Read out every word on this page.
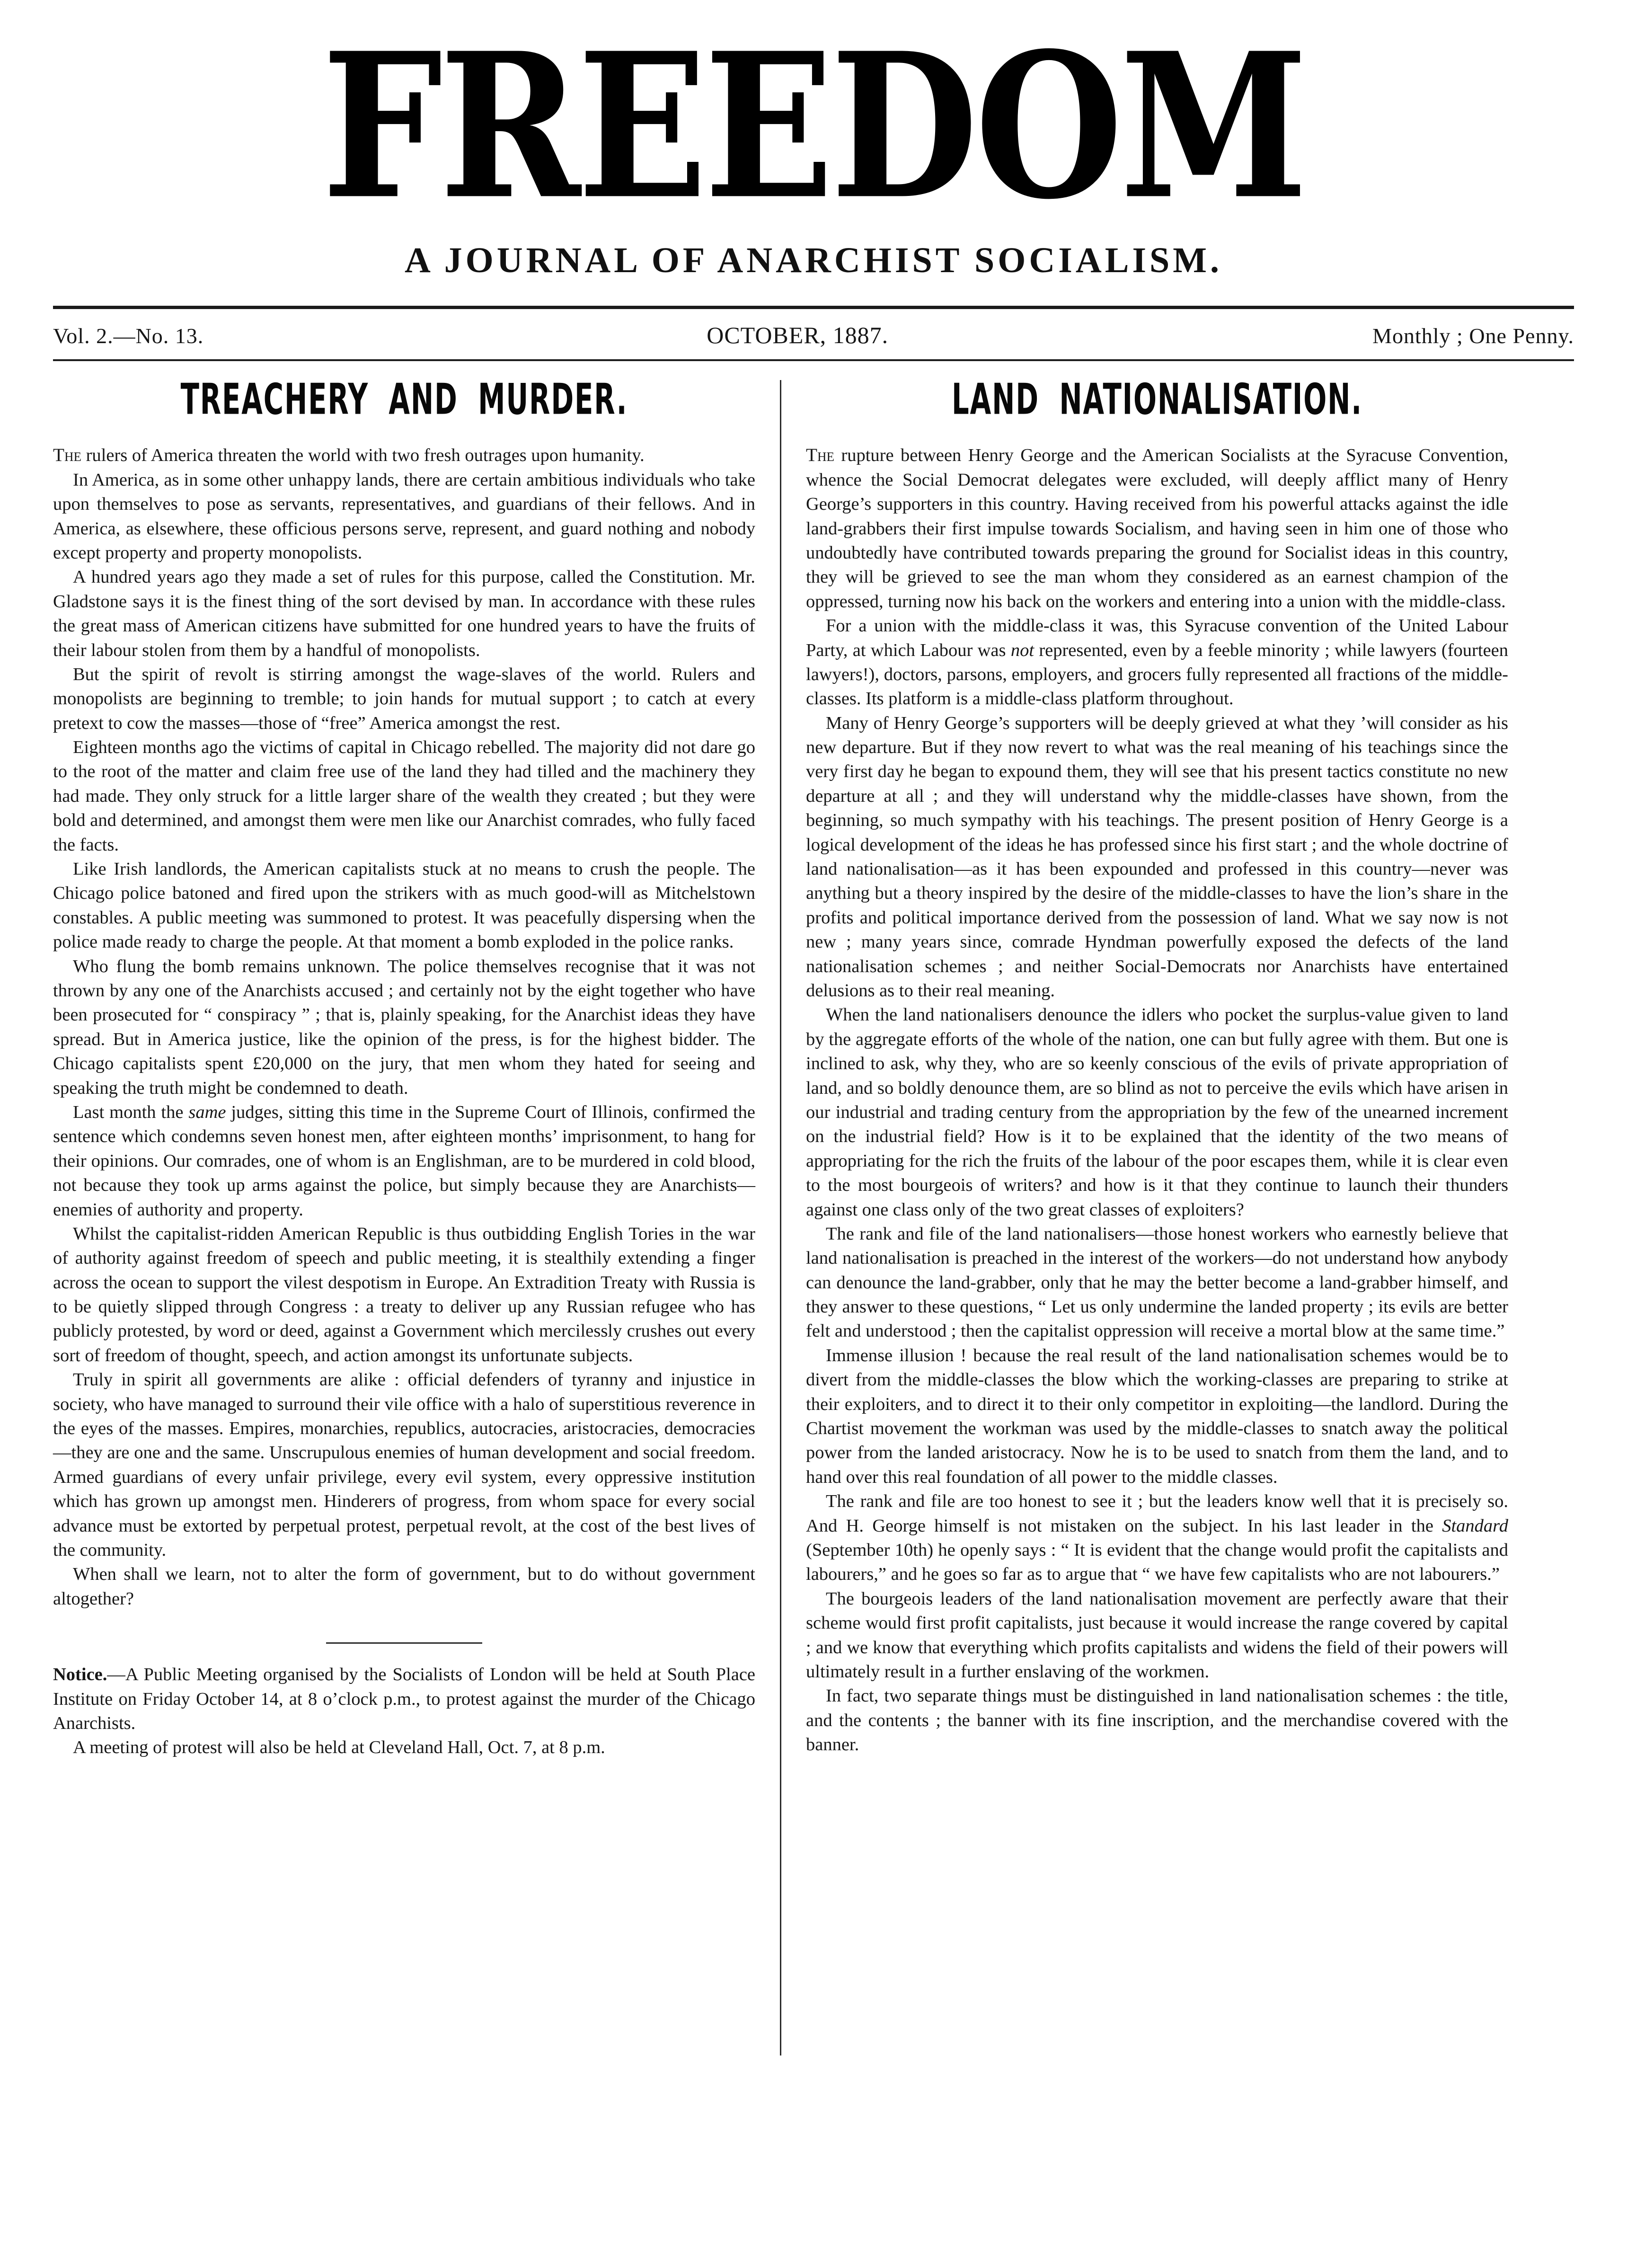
FREEDOM
A JOURNAL OF ANARCHIST SOCIALISM.
Vol. 2.—No. 13.	OCTOBER, 1887.	Monthly ; One Penny.
TREACHERY AND MURDER.

The rulers of America threaten the world with two fresh outrages upon humanity.

In America, as in some other unhappy lands, there are certain ambitious individuals who take upon themselves to pose as servants, representatives, and guardians of their fellows. And in America, as elsewhere, these officious persons serve, represent, and guard nothing and nobody except property and property monopolists.

A hundred years ago they made a set of rules for this purpose, called the Constitution. Mr. Gladstone says it is the finest thing of the sort devised by man. In accordance with these rules the great mass of American citizens have submitted for one hundred years to have the fruits of their labour stolen from them by a handful of monopolists.

But the spirit of revolt is stirring amongst the wage-slaves of the world. Rulers and monopolists are beginning to tremble; to join hands for mutual support ; to catch at every pretext to cow the masses—those of “free” America amongst the rest.

Eighteen months ago the victims of capital in Chicago rebelled. The majority did not dare go to the root of the matter and claim free use of the land they had tilled and the machinery they had made. They only struck for a little larger share of the wealth they created ; but they were bold and determined, and amongst them were men like our Anarchist comrades, who fully faced the facts.

Like Irish landlords, the American capitalists stuck at no means to crush the people. The Chicago police batoned and fired upon the strikers with as much good-will as Mitchelstown constables. A public meeting was summoned to protest. It was peacefully dispersing when the police made ready to charge the people. At that moment a bomb exploded in the police ranks.

Who flung the bomb remains unknown. The police themselves recognise that it was not thrown by any one of the Anarchists accused ; and certainly not by the eight together who have been prosecuted for “ conspiracy ” ; that is, plainly speaking, for the Anarchist ideas they have spread. But in America justice, like the opinion of the press, is for the highest bidder. The Chicago capitalists spent £20,000 on the jury, that men whom they hated for seeing and speaking the truth might be condemned to death.

Last month the same judges, sitting this time in the Supreme Court of Illinois, confirmed the sentence which condemns seven honest men, after eighteen months’ imprisonment, to hang for their opinions. Our comrades, one of whom is an Englishman, are to be murdered in cold blood, not because they took up arms against the police, but simply because they are Anarchists—enemies of authority and property.

Whilst the capitalist-ridden American Republic is thus outbidding English Tories in the war of authority against freedom of speech and public meeting, it is stealthily extending a finger across the ocean to support the vilest despotism in Europe. An Extradition Treaty with Russia is to be quietly slipped through Congress : a treaty to deliver up any Russian refugee who has publicly protested, by word or deed, against a Government which mercilessly crushes out every sort of freedom of thought, speech, and action amongst its unfortunate subjects.

Truly in spirit all governments are alike : official defenders of tyranny and injustice in society, who have managed to surround their vile office with a halo of superstitious reverence in the eyes of the masses. Empires, monarchies, republics, autocracies, aristocracies, democracies—they are one and the same. Unscrupulous enemies of human development and social freedom. Armed guardians of every unfair privilege, every evil system, every oppressive institution which has grown up amongst men. Hinderers of progress, from whom space for every social advance must be extorted by perpetual protest, perpetual revolt, at the cost of the best lives of the community.

When shall we learn, not to alter the form of government, but to do without government altogether?

Notice.—A Public Meeting organised by the Socialists of London will be held at South Place Institute on Friday October 14, at 8 o’clock p.m., to protest against the murder of the Chicago Anarchists.

A meeting of protest will also be held at Cleveland Hall, Oct. 7, at 8 p.m.

LAND NATIONALISATION.

The rupture between Henry George and the American Socialists at the Syracuse Convention, whence the Social Democrat delegates were excluded, will deeply afflict many of Henry George’s supporters in this country. Having received from his powerful attacks against the idle land-grabbers their first impulse towards Socialism, and having seen in him one of those who undoubtedly have contributed towards preparing the ground for Socialist ideas in this country, they will be grieved to see the man whom they considered as an earnest champion of the oppressed, turning now his back on the workers and entering into a union with the middle-class.

For a union with the middle-class it was, this Syracuse convention of the United Labour Party, at which Labour was not represented, even by a feeble minority ; while lawyers (fourteen lawyers!), doctors, parsons, employers, and grocers fully represented all fractions of the middle-classes. Its platform is a middle-class platform throughout.

Many of Henry George’s supporters will be deeply grieved at what they ’will consider as his new departure. But if they now revert to what was the real meaning of his teachings since the very first day he began to expound them, they will see that his present tactics constitute no new departure at all ; and they will understand why the middle-classes have shown, from the beginning, so much sympathy with his teachings. The present position of Henry George is a logical development of the ideas he has professed since his first start ; and the whole doctrine of land nationalisation—as it has been expounded and professed in this country—never was anything but a theory inspired by the desire of the middle-classes to have the lion’s share in the profits and political importance derived from the possession of land. What we say now is not new ; many years since, comrade Hyndman powerfully exposed the defects of the land nationalisation schemes ; and neither Social-Democrats nor Anarchists have entertained delusions as to their real meaning.

When the land nationalisers denounce the idlers who pocket the surplus-value given to land by the aggregate efforts of the whole of the nation, one can but fully agree with them. But one is inclined to ask, why they, who are so keenly conscious of the evils of private appropriation of land, and so boldly denounce them, are so blind as not to perceive the evils which have arisen in our industrial and trading century from the appropriation by the few of the unearned increment on the industrial field? How is it to be explained that the identity of the two means of appropriating for the rich the fruits of the labour of the poor escapes them, while it is clear even to the most bourgeois of writers? and how is it that they continue to launch their thunders against one class only of the two great classes of exploiters?

The rank and file of the land nationalisers—those honest workers who earnestly believe that land nationalisation is preached in the interest of the workers—do not understand how anybody can denounce the land-grabber, only that he may the better become a land-grabber himself, and they answer to these questions, “ Let us only undermine the landed property ; its evils are better felt and understood ; then the capitalist oppression will receive a mortal blow at the same time.”

Immense illusion ! because the real result of the land nationalisation schemes would be to divert from the middle-classes the blow which the working-classes are preparing to strike at their exploiters, and to direct it to their only competitor in exploiting—the landlord. During the Chartist movement the workman was used by the middle-classes to snatch away the political power from the landed aristocracy. Now he is to be used to snatch from them the land, and to hand over this real foundation of all power to the middle classes.

The rank and file are too honest to see it ; but the leaders know well that it is precisely so. And H. George himself is not mistaken on the subject. In his last leader in the Standard (September 10th) he openly says : “ It is evident that the change would profit the capitalists and labourers,” and he goes so far as to argue that “ we have few capitalists who are not labourers.”

The bourgeois leaders of the land nationalisation movement are perfectly aware that their scheme would first profit capitalists, just because it would increase the range covered by capital ; and we know that everything which profits capitalists and widens the field of their powers will ultimately result in a further enslaving of the workmen.

In fact, two separate things must be distinguished in land nationalisation schemes : the title, and the contents ; the banner with its fine inscription, and the merchandise covered with the banner.
